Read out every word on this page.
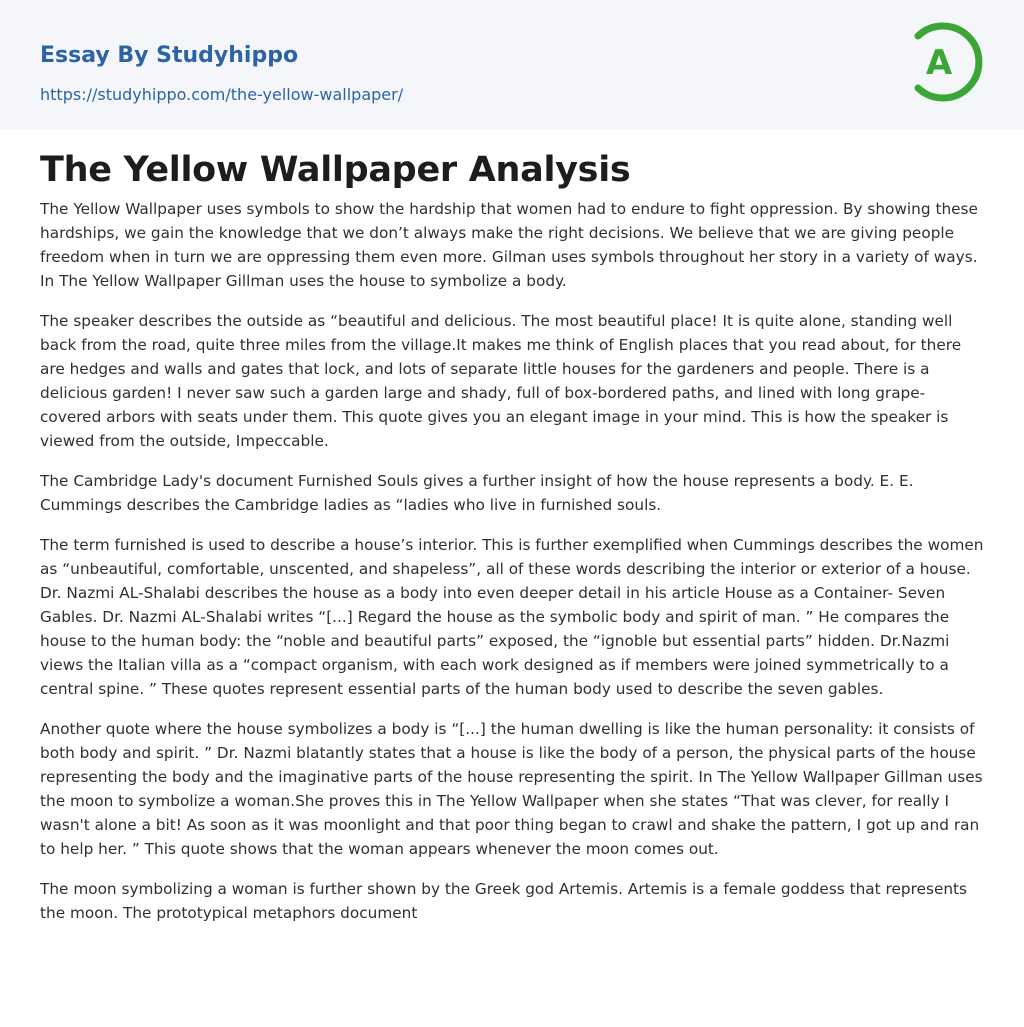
Essay By Studyhippo
https://studyhippo.com/the-yellow-wallpaper/
A
The Yellow Wallpaper Analysis

The Yellow Wallpaper uses symbols to show the hardship that women had to endure to fight oppression. By showing these hardships, we gain the knowledge that we don’t always make the right decisions. We believe that we are giving people freedom when in turn we are oppressing them even more. Gilman uses symbols throughout her story in a variety of ways. In The Yellow Wallpaper Gillman uses the house to symbolize a body.

The speaker describes the outside as “beautiful and delicious. The most beautiful place! It is quite alone, standing well back from the road, quite three miles from the village.It makes me think of English places that you read about, for there are hedges and walls and gates that lock, and lots of separate little houses for the gardeners and people. There is a delicious garden! I never saw such a garden large and shady, full of box-bordered paths, and lined with long grape-covered arbors with seats under them. This quote gives you an elegant image in your mind. This is how the speaker is viewed from the outside, Impeccable.

The Cambridge Lady's document Furnished Souls gives a further insight of how the house represents a body. E. E. Cummings describes the Cambridge ladies as “ladies who live in furnished souls.

The term furnished is used to describe a house’s interior. This is further exemplified when Cummings describes the women as “unbeautiful, comfortable, unscented, and shapeless”, all of these words describing the interior or exterior of a house. Dr. Nazmi AL-Shalabi describes the house as a body into even deeper detail in his article House as a Container- Seven Gables. Dr. Nazmi AL-Shalabi writes “[...] Regard the house as the symbolic body and spirit of man. ” He compares the house to the human body: the “noble and beautiful parts” exposed, the “ignoble but essential parts” hidden. Dr.Nazmi views the Italian villa as a “compact organism, with each work designed as if members were joined symmetrically to a central spine. ” These quotes represent essential parts of the human body used to describe the seven gables.

Another quote where the house symbolizes a body is “[...] the human dwelling is like the human personality: it consists of both body and spirit. ” Dr. Nazmi blatantly states that a house is like the body of a person, the physical parts of the house representing the body and the imaginative parts of the house representing the spirit. In The Yellow Wallpaper Gillman uses the moon to symbolize a woman.She proves this in The Yellow Wallpaper when she states “That was clever, for really I wasn't alone a bit! As soon as it was moonlight and that poor thing began to crawl and shake the pattern, I got up and ran to help her. ” This quote shows that the woman appears whenever the moon comes out.

The moon symbolizing a woman is further shown by the Greek god Artemis. Artemis is a female goddess that represents the moon. The prototypical metaphors document
